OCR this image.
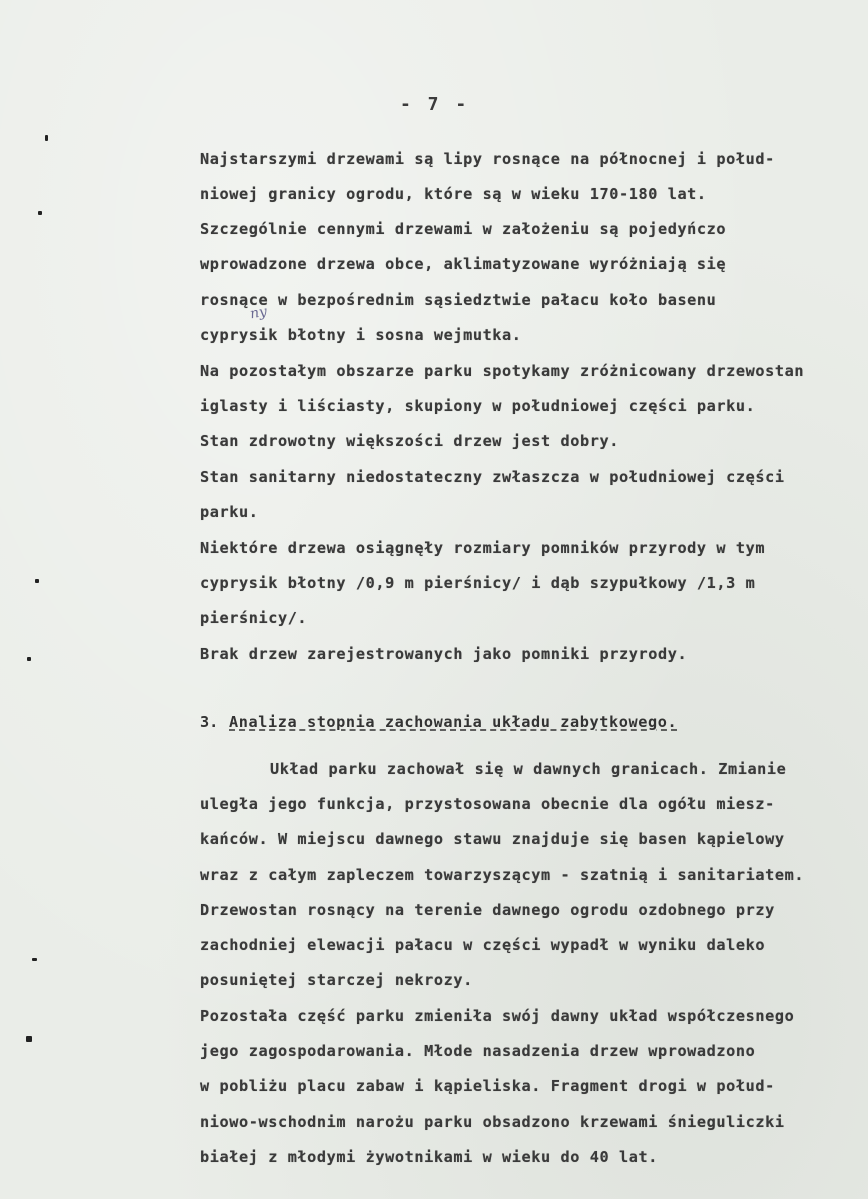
- 7 -
ny
Najstarszymi drzewami są lipy rosnące na północnej i połud-
niowej granicy ogrodu, które są w wieku 170-180 lat.
Szczególnie cennymi drzewami w założeniu są pojedyńczo
wprowadzone drzewa obce, aklimatyzowane wyróżniają się
rosnące w bezpośrednim sąsiedztwie pałacu koło basenu
cyprysik błotny i sosna wejmutka.
Na pozostałym obszarze parku spotykamy zróżnicowany drzewostan
iglasty i liściasty, skupiony w południowej części parku.
Stan zdrowotny większości drzew jest dobry.
Stan sanitarny niedostateczny zwłaszcza w południowej części
parku.
Niektóre drzewa osiągnęły rozmiary pomników przyrody w tym
cyprysik błotny /0,9 m pierśnicy/ i dąb szypułkowy /1,3 m
pierśnicy/.
Brak drzew zarejestrowanych jako pomniki przyrody.
3. Analiza stopnia zachowania układu zabytkowego.
Układ parku zachował się w dawnych granicach. Zmianie
uległa jego funkcja, przystosowana obecnie dla ogółu miesz-
kańców. W miejscu dawnego stawu znajduje się basen kąpielowy
wraz z całym zapleczem towarzyszącym - szatnią i sanitariatem.
Drzewostan rosnący na terenie dawnego ogrodu ozdobnego przy
zachodniej elewacji pałacu w części wypadł w wyniku daleko
posuniętej starczej nekrozy.
Pozostała część parku zmieniła swój dawny układ współczesnego
jego zagospodarowania. Młode nasadzenia drzew wprowadzono
w pobliżu placu zabaw i kąpieliska. Fragment drogi w połud-
niowo-wschodnim narożu parku obsadzono krzewami śnieguliczki
białej z młodymi żywotnikami w wieku do 40 lat.
